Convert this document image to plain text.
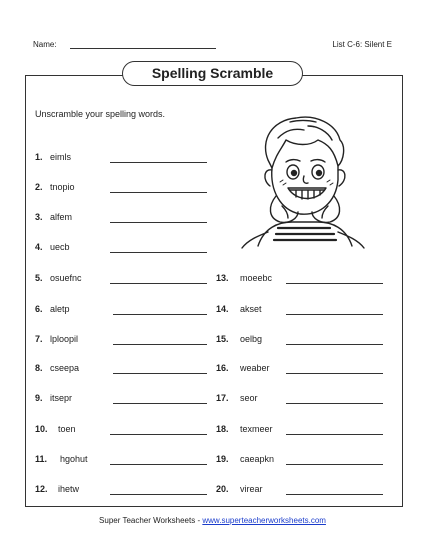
Name:	List C-6: Silent E
Spelling Scramble
Unscramble your spelling words.
1. eimls
2. tnopio
3. alfem
4. uecb
5. osuefnc
6. aletp
7. lploopil
8. cseepa
9. itsepr
10. toen
11. hgohut
12. ihetw
13. moeebc
14. akset
15. oelbg
16. weaber
17. seor
18. texmeer
19. caeapkn
20. virear
Super Teacher Worksheets - www.superteacherworksheets.com
